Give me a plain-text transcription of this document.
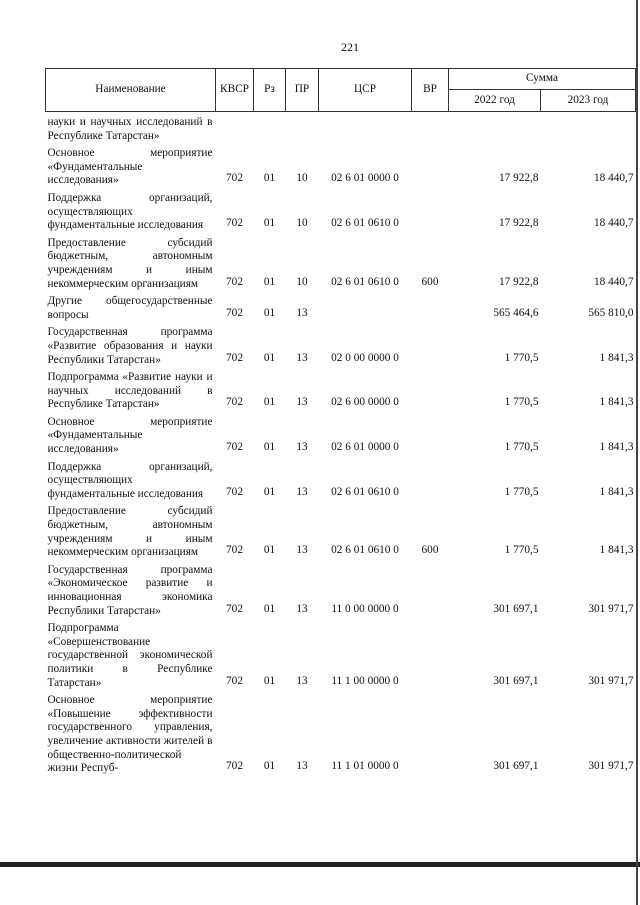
221
Наименование	КВСР	Рз	ПР	ЦСР	ВР	Сумма	
						2022 год	2023 год
науки и научных исследований в Республике Татарстан»							
Основное мероприятие «Фундаментальные исследования»	702	01	10	02 6 01 0000 0		17 922,8	18 440,7
Поддержка организаций, осуществляющих фундаментальные исследования	702	01	10	02 6 01 0610 0		17 922,8	18 440,7
Предоставление субсидий бюджетным, автономным учреждениям и иным некоммерческим организациям	702	01	10	02 6 01 0610 0	600	17 922,8	18 440,7
Другие общегосударственные вопросы	702	01	13			565 464,6	565 810,0
Государственная программа «Развитие образования и науки Республики Татарстан»	702	01	13	02 0 00 0000 0		1 770,5	1 841,3
Подпрограмма «Развитие науки и научных исследований в Республике Татарстан»	702	01	13	02 6 00 0000 0		1 770,5	1 841,3
Основное мероприятие «Фундаментальные исследования»	702	01	13	02 6 01 0000 0		1 770,5	1 841,3
Поддержка организаций, осуществляющих фундаментальные исследования	702	01	13	02 6 01 0610 0		1 770,5	1 841,3
Предоставление субсидий бюджетным, автономным учреждениям и иным некоммерческим организациям	702	01	13	02 6 01 0610 0	600	1 770,5	1 841,3
Государственная программа «Экономическое развитие и инновационная экономика Республики Татарстан»	702	01	13	11 0 00 0000 0		301 697,1	301 971,7
Подпрограмма «Совершенствование государственной экономической политики в Республике Татарстан»	702	01	13	11 1 00 0000 0		301 697,1	301 971,7
Основное мероприятие «Повышение эффективности государственного управления, увеличение активности жителей в общественно-политической жизни Респуб-	702	01	13	11 1 01 0000 0		301 697,1	301 971,7
